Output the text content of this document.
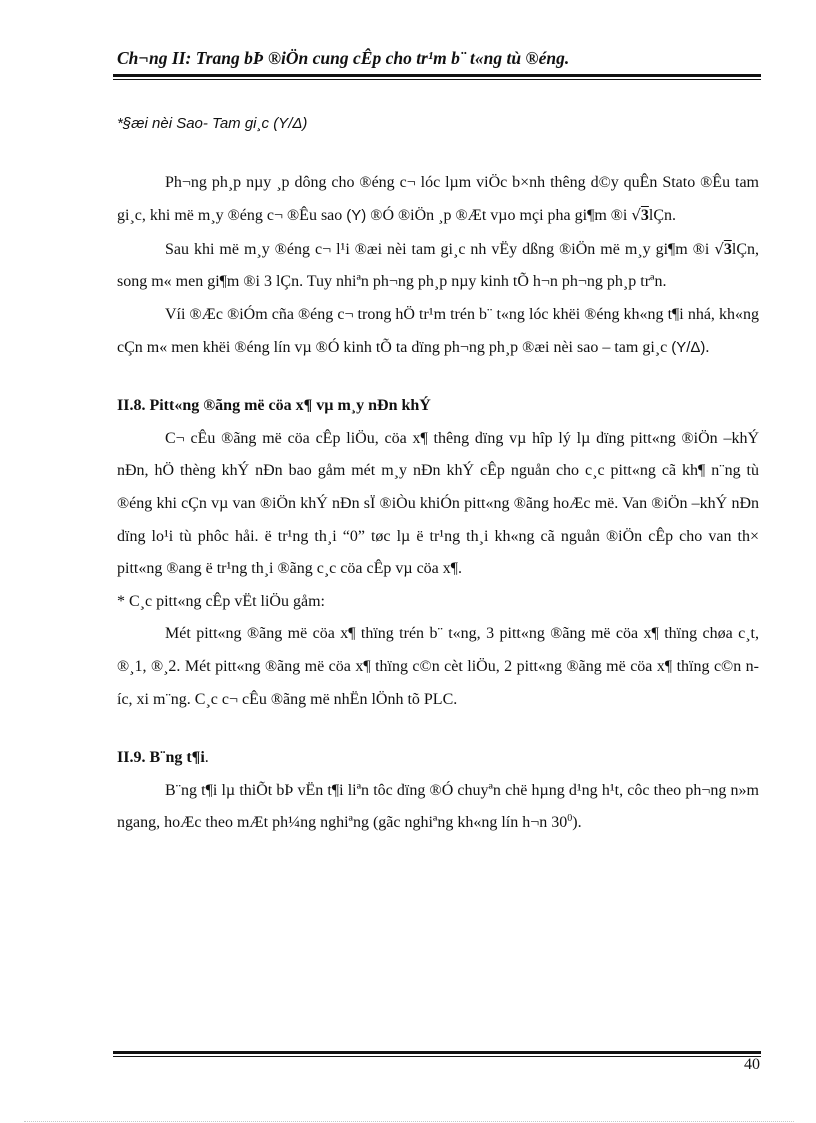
Ch¬ng II: Trang bÞ ®iÖn cung cÊp cho tr¹m b¨ t«ng tù ®éng.

*§æi nèi Sao- Tam gi¸c (Y/Δ)

Ph¬ng ph¸p nµy ¸p dông cho ®éng c¬ lóc lµm viÖc b×nh thêng d©y quÊn Stato ®Êu tam gi¸c, khi më m¸y ®éng c¬ ®Êu sao (Y) ®Ó ®iÖn ¸p ®Æt vµo mçi pha gi¶m ®i √3lÇn.

Sau khi më m¸y ®éng c¬ l¹i ®æi nèi tam gi¸c nh vËy dßng ®iÖn më m¸y gi¶m ®i √3lÇn, song m« men gi¶m ®i 3 lÇn. Tuy nhiªn ph¬ng ph¸p nµy kinh tÕ h¬n ph¬ng ph¸p trªn.

Víi ®Æc ®iÓm cña ®éng c¬ trong hÖ tr¹m trén b¨ t«ng lóc khëi ®éng kh«ng t¶i nhá, kh«ng cÇn m« men khëi ®éng lín vµ ®Ó kinh tÕ ta dïng ph¬ng ph¸p ®æi nèi sao – tam gi¸c (Y/Δ).

II.8. Pitt«ng ®ãng më cöa x¶ vµ m¸y nÐn khÝ

C¬ cÊu ®ãng më cöa cÊp liÖu, cöa x¶ thêng dïng vµ hîp lý lµ dïng pitt«ng ®iÖn –khÝ nÐn, hÖ thèng khÝ nÐn bao gåm mét m¸y nÐn khÝ cÊp nguån cho c¸c pitt«ng cã kh¶ n¨ng tù ®éng khi cÇn vµ van ®iÖn khÝ nÐn sÏ ®iÒu khiÓn pitt«ng ®ãng hoÆc më. Van ®iÖn –khÝ nÐn dïng lo¹i tù phôc håi. ë tr¹ng th¸i “0” tøc lµ ë tr¹ng th¸i kh«ng cã nguån ®iÖn cÊp cho van th× pitt«ng ®ang ë tr¹ng th¸i ®ãng c¸c cöa cÊp vµ cöa x¶.

* C¸c pitt«ng cÊp vËt liÖu gåm:

Mét pitt«ng ®ãng më cöa x¶ thïng trén b¨ t«ng, 3 pitt«ng ®ãng më cöa x¶ thïng chøa c¸t, ®¸1, ®¸2. Mét pitt«ng ®ãng më cöa x¶ thïng c©n cèt liÖu, 2 pitt«ng ®ãng më cöa x¶ thïng c©n níc, xi m¨ng. C¸c c¬ cÊu ®ãng më nhËn lÖnh tõ PLC.

II.9. B¨ng t¶i.

B¨ng t¶i lµ thiÕt bÞ vËn t¶i liªn tôc dïng ®Ó chuyªn chë hµng d¹ng h¹t, côc theo ph¬ng n»m ngang, hoÆc theo mÆt ph¼ng nghiªng (gãc nghiªng kh«ng lín h¬n $30^0$).

40
